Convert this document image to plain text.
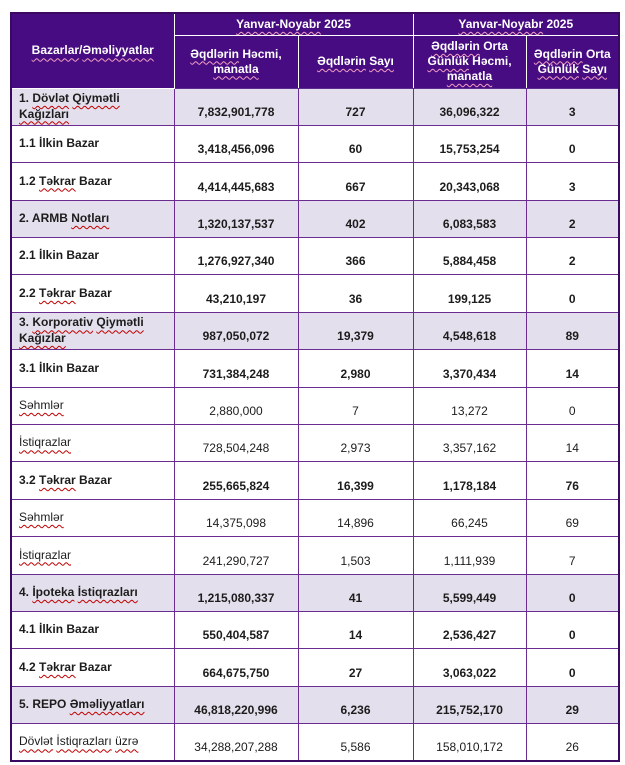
Bazarlar/Əməliyyatlar	Yanvar-Noyabr 2025		Yanvar-Noyabr 2025	
	Əqdlərin Həcmi, manatla	Əqdlərin Sayı	Əqdlərin Orta Günlük Həcmi, manatla	Əqdlərin Orta Günlük Sayı
1. Dövlət Qiymətli Kağızları	7,832,901,778	727	36,096,322	3
1.1 İlkin Bazar	3,418,456,096	60	15,753,254	0
1.2 Təkrar Bazar	4,414,445,683	667	20,343,068	3
2. ARMB Notları	1,320,137,537	402	6,083,583	2
2.1 İlkin Bazar	1,276,927,340	366	5,884,458	2
2.2 Təkrar Bazar	43,210,197	36	199,125	0
3. Korporativ Qiymətli Kağızlar	987,050,072	19,379	4,548,618	89
3.1 İlkin Bazar	731,384,248	2,980	3,370,434	14
Səhmlər	2,880,000	7	13,272	0
İstiqrazlar	728,504,248	2,973	3,357,162	14
3.2 Təkrar Bazar	255,665,824	16,399	1,178,184	76
Səhmlər	14,375,098	14,896	66,245	69
İstiqrazlar	241,290,727	1,503	1,111,939	7
4. İpoteka İstiqrazları	1,215,080,337	41	5,599,449	0
4.1 İlkin Bazar	550,404,587	14	2,536,427	0
4.2 Təkrar Bazar	664,675,750	27	3,063,022	0
5. REPO Əməliyyatları	46,818,220,996	6,236	215,752,170	29
Dövlət İstiqrazları üzrə	34,288,207,288	5,586	158,010,172	26
